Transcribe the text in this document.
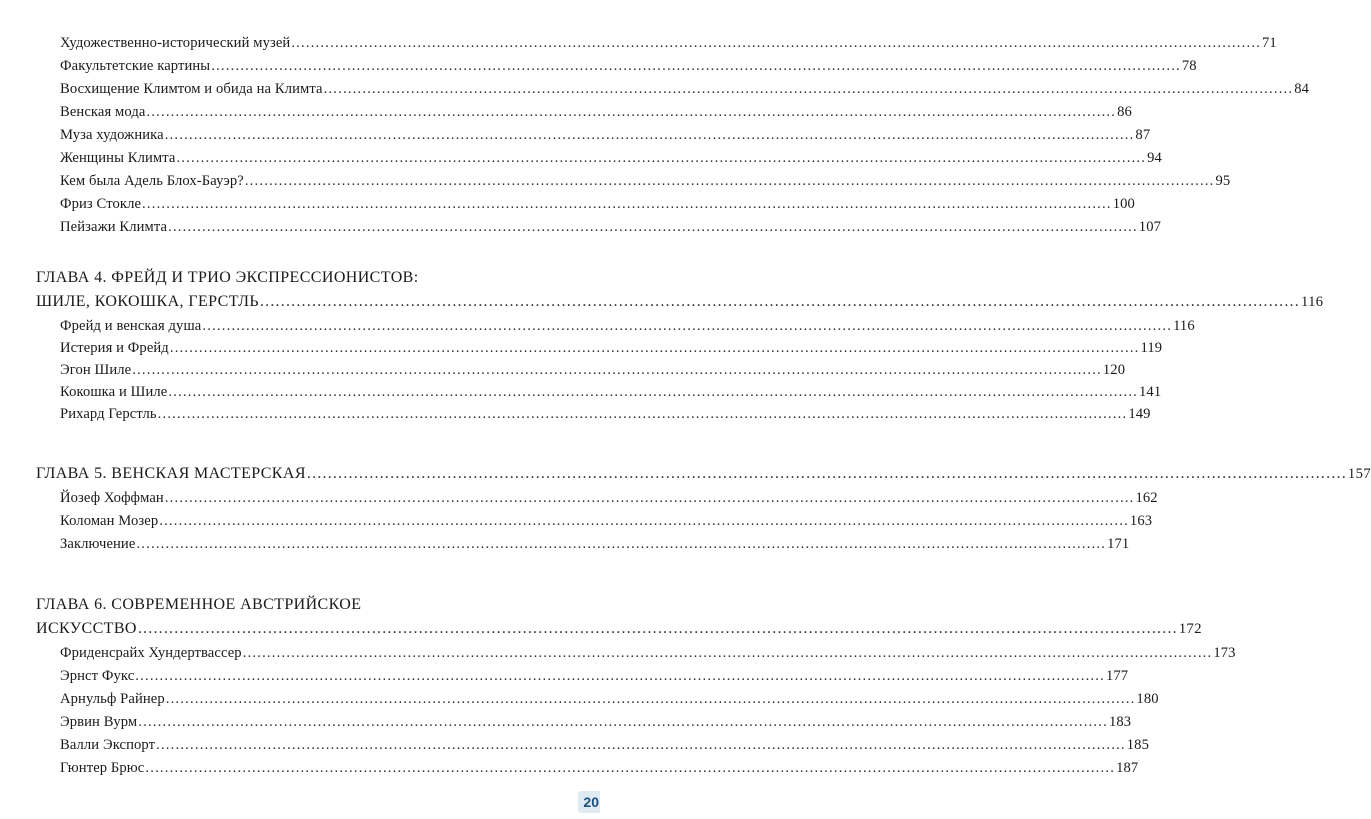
Художественно-исторический музей ........................................................................................................................................................................................................ 71
Факультетские картины ........................................................................................................................................................................................................ 78
Восхищение Климтом и обида на Климта ........................................................................................................................................................................................................ 84
Венская мода ........................................................................................................................................................................................................ 86
Муза художника ........................................................................................................................................................................................................ 87
Женщины Климта ........................................................................................................................................................................................................ 94
Кем была Адель Блох-Бауэр? ........................................................................................................................................................................................................ 95
Фриз Стокле ........................................................................................................................................................................................................ 100
Пейзажи Климта ........................................................................................................................................................................................................ 107
ГЛАВА 4. ФРЕЙД И ТРИО ЭКСПРЕССИОНИСТОВ:
ШИЛЕ, КОКОШКА, ГЕРСТЛЬ ........................................................................................................................................................................................................ 116
Фрейд и венская душа ........................................................................................................................................................................................................ 116
Истерия и Фрейд ........................................................................................................................................................................................................ 119
Эгон Шиле ........................................................................................................................................................................................................ 120
Кокошка и Шиле ........................................................................................................................................................................................................ 141
Рихард Герстль ........................................................................................................................................................................................................ 149
ГЛАВА 5. ВЕНСКАЯ МАСТЕРСКАЯ ........................................................................................................................................................................................................ 157
Йозеф Хоффман ........................................................................................................................................................................................................ 162
Коломан Мозер ........................................................................................................................................................................................................ 163
Заключение ........................................................................................................................................................................................................ 171
ГЛАВА 6. СОВРЕМЕННОЕ АВСТРИЙСКОЕ
ИСКУССТВО ........................................................................................................................................................................................................ 172
Фриденсрайх Хундертвассер ........................................................................................................................................................................................................ 173
Эрнст Фукс ........................................................................................................................................................................................................ 177
Арнульф Райнер ........................................................................................................................................................................................................ 180
Эрвин Вурм ........................................................................................................................................................................................................ 183
Валли Экспорт ........................................................................................................................................................................................................ 185
Гюнтер Брюс ........................................................................................................................................................................................................ 187
20
